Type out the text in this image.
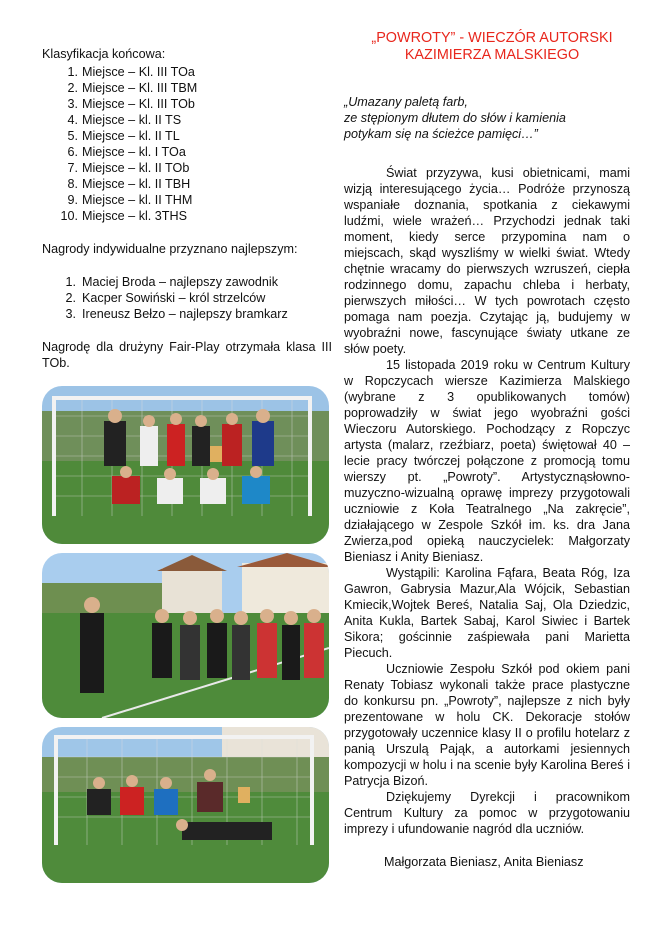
Klasyfikacja końcowa:
1. Miejsce – Kl. III TOa
2. Miejsce – Kl. III TBM
3. Miejsce – Kl. III TOb
4. Miejsce – kl. II TS
5. Miejsce – kl. II TL
6. Miejsce – kl. I TOa
7. Miejsce – kl. II TOb
8. Miejsce – kl. II TBH
9. Miejsce – kl. II THM
10. Miejsce – kl. 3THS
Nagrody indywidualne przyznano najlepszym:
1. Maciej Broda – najlepszy zawodnik
2. Kacper Sowiński – król strzelców
3. Ireneusz Bełzo – najlepszy bramkarz

Nagrodę dla drużyny Fair-Play otrzymała klasa III TOb.

„POWROTY” - WIECZÓR AUTORSKI
KAZIMIERZA MALSKIEGO
„Umazany paletą farb,
ze stępionym dłutem do słów i kamienia
potykam się na ścieżce pamięci…”

Świat przyzywa, kusi obietnicami, mami wizją interesującego życia… Podróże przynoszą wspaniałe doznania, spotkania z ciekawymi ludźmi, wiele wrażeń… Przychodzi jednak taki moment, kiedy serce przypomina nam o miejscach, skąd wyszliśmy w wielki świat. Wtedy chętnie wracamy do pierwszych wzruszeń, ciepła rodzinnego domu, zapachu chleba i herbaty, pierwszych miłości… W tych powrotach często pomaga nam poezja. Czytając ją, budujemy w wyobraźni nowe, fascynujące światy utkane ze słów poety.

15 listopada 2019 roku w Centrum Kultury w Ropczycach wiersze Kazimierza Malskiego (wybrane z 3 opublikowanych tomów) poprowadziły w świat jego wyobraźni gości Wieczoru Autorskiego. Pochodzący z Ropczyc artysta (malarz, rzeźbiarz, poeta) świętował 40 – lecie pracy twórczej połączone z promocją tomu wierszy pt. „Powroty”. Artystycznąsłowno-muzyczno-wizualną oprawę imprezy przygotowali uczniowie z Koła Teatralnego „Na zakręcie”, działającego w Zespole Szkół im. ks. dra Jana Zwierza,pod opieką nauczycielek: Małgorzaty Bieniasz i Anity Bieniasz.

Wystąpili: Karolina Fąfara, Beata Róg, Iza Gawron, Gabrysia Mazur,Ala Wójcik, Sebastian Kmiecik,Wojtek Bereś, Natalia Saj, Ola Dziedzic, Anita Kukla, Bartek Sabaj, Karol Siwiec i Bartek Sikora; gościnnie zaśpiewała pani Marietta Piecuch.

Uczniowie Zespołu Szkół pod okiem pani Renaty Tobiasz wykonali także prace plastyczne do konkursu pn. „Powroty”, najlepsze z nich były prezentowane w holu CK. Dekoracje stołów przygotowały uczennice klasy II o profilu hotelarz z panią Urszulą Pająk, a autorkami jesiennych kompozycji w holu i na scenie były Karolina Bereś i Patrycja Bizoń.

Dziękujemy Dyrekcji i pracownikom Centrum Kultury za pomoc w przygotowaniu imprezy i ufundowanie nagród dla uczniów.

Małgorzata Bieniasz, Anita Bieniasz
